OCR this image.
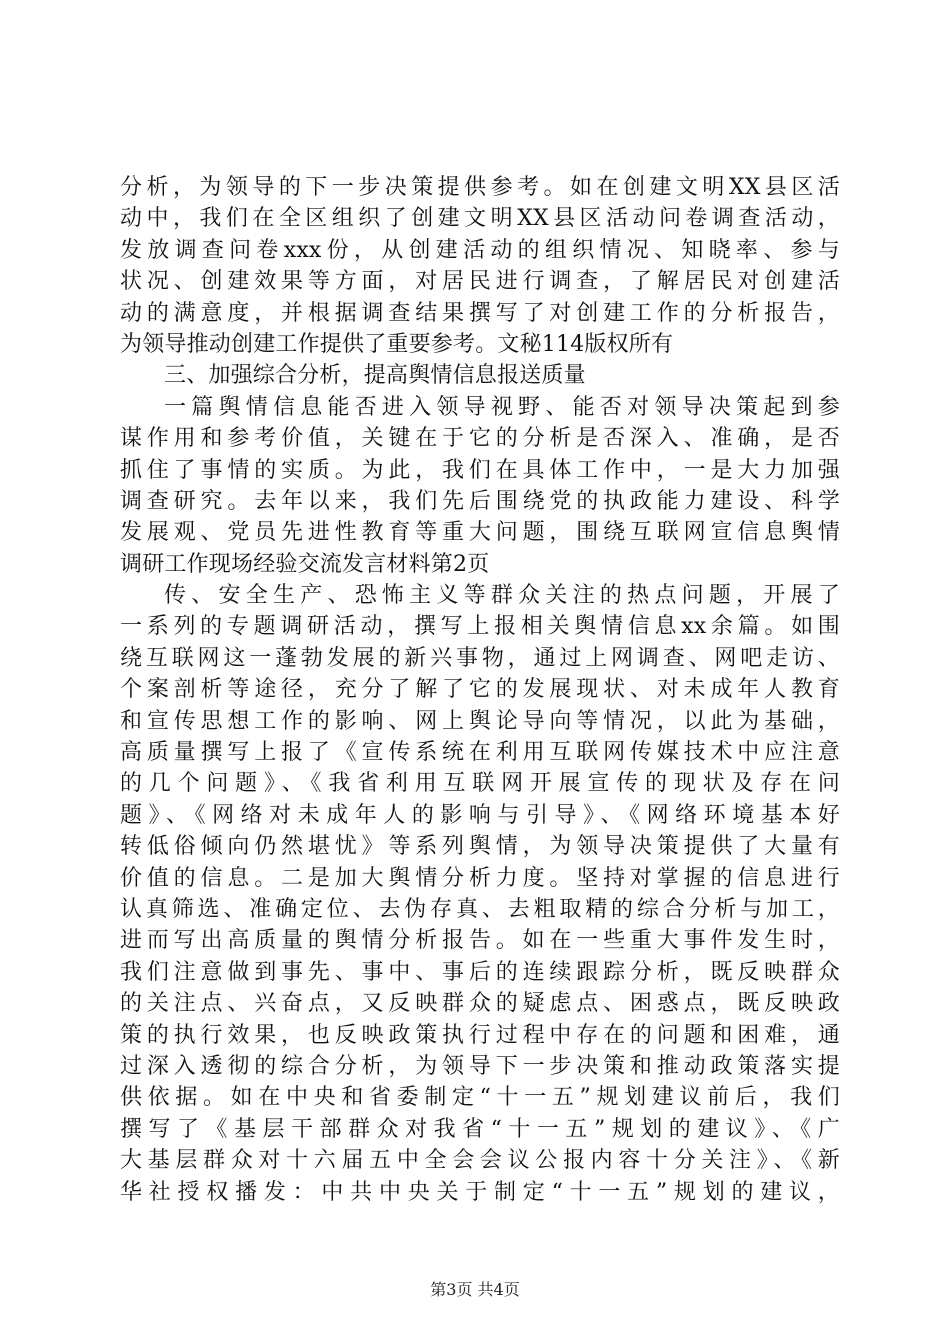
分析，为领导的下一步决策提供参考。如在创建文明XX县区活
动中，我们在全区组织了创建文明XX县区活动问卷调查活动，
发放调查问卷xxx份，从创建活动的组织情况、知晓率、参与
状况、创建效果等方面，对居民进行调查，了解居民对创建活
动的满意度，并根据调查结果撰写了对创建工作的分析报告，
为领导推动创建工作提供了重要参考。文秘114版权所有
三、加强综合分析，提高舆情信息报送质量
一篇舆情信息能否进入领导视野、能否对领导决策起到参
谋作用和参考价值，关键在于它的分析是否深入、准确，是否
抓住了事情的实质。为此，我们在具体工作中，一是大力加强
调查研究。去年以来，我们先后围绕党的执政能力建设、科学
发展观、党员先进性教育等重大问题，围绕互联网宣信息舆情
调研工作现场经验交流发言材料第2页
传、安全生产、恐怖主义等群众关注的热点问题，开展了
一系列的专题调研活动，撰写上报相关舆情信息xx余篇。如围
绕互联网这一蓬勃发展的新兴事物，通过上网调查、网吧走访、
个案剖析等途径，充分了解了它的发展现状、对未成年人教育
和宣传思想工作的影响、网上舆论导向等情况，以此为基础，
高质量撰写上报了《宣传系统在利用互联网传媒技术中应注意
的几个问题》、《我省利用互联网开展宣传的现状及存在问
题》、《网络对未成年人的影响与引导》、《网络环境基本好
转低俗倾向仍然堪忧》等系列舆情，为领导决策提供了大量有
价值的信息。二是加大舆情分析力度。坚持对掌握的信息进行
认真筛选、准确定位、去伪存真、去粗取精的综合分析与加工，
进而写出高质量的舆情分析报告。如在一些重大事件发生时，
我们注意做到事先、事中、事后的连续跟踪分析，既反映群众
的关注点、兴奋点，又反映群众的疑虑点、困惑点，既反映政
策的执行效果，也反映政策执行过程中存在的问题和困难，通
过深入透彻的综合分析，为领导下一步决策和推动政策落实提
供依据。如在中央和省委制定“十一五”规划建议前后，我们
撰写了《基层干部群众对我省“十一五”规划的建议》、《广
大基层群众对十六届五中全会会议公报内容十分关注》、《新
华社授权播发：中共中央关于制定“十一五”规划的建议，
第3页 共4页
